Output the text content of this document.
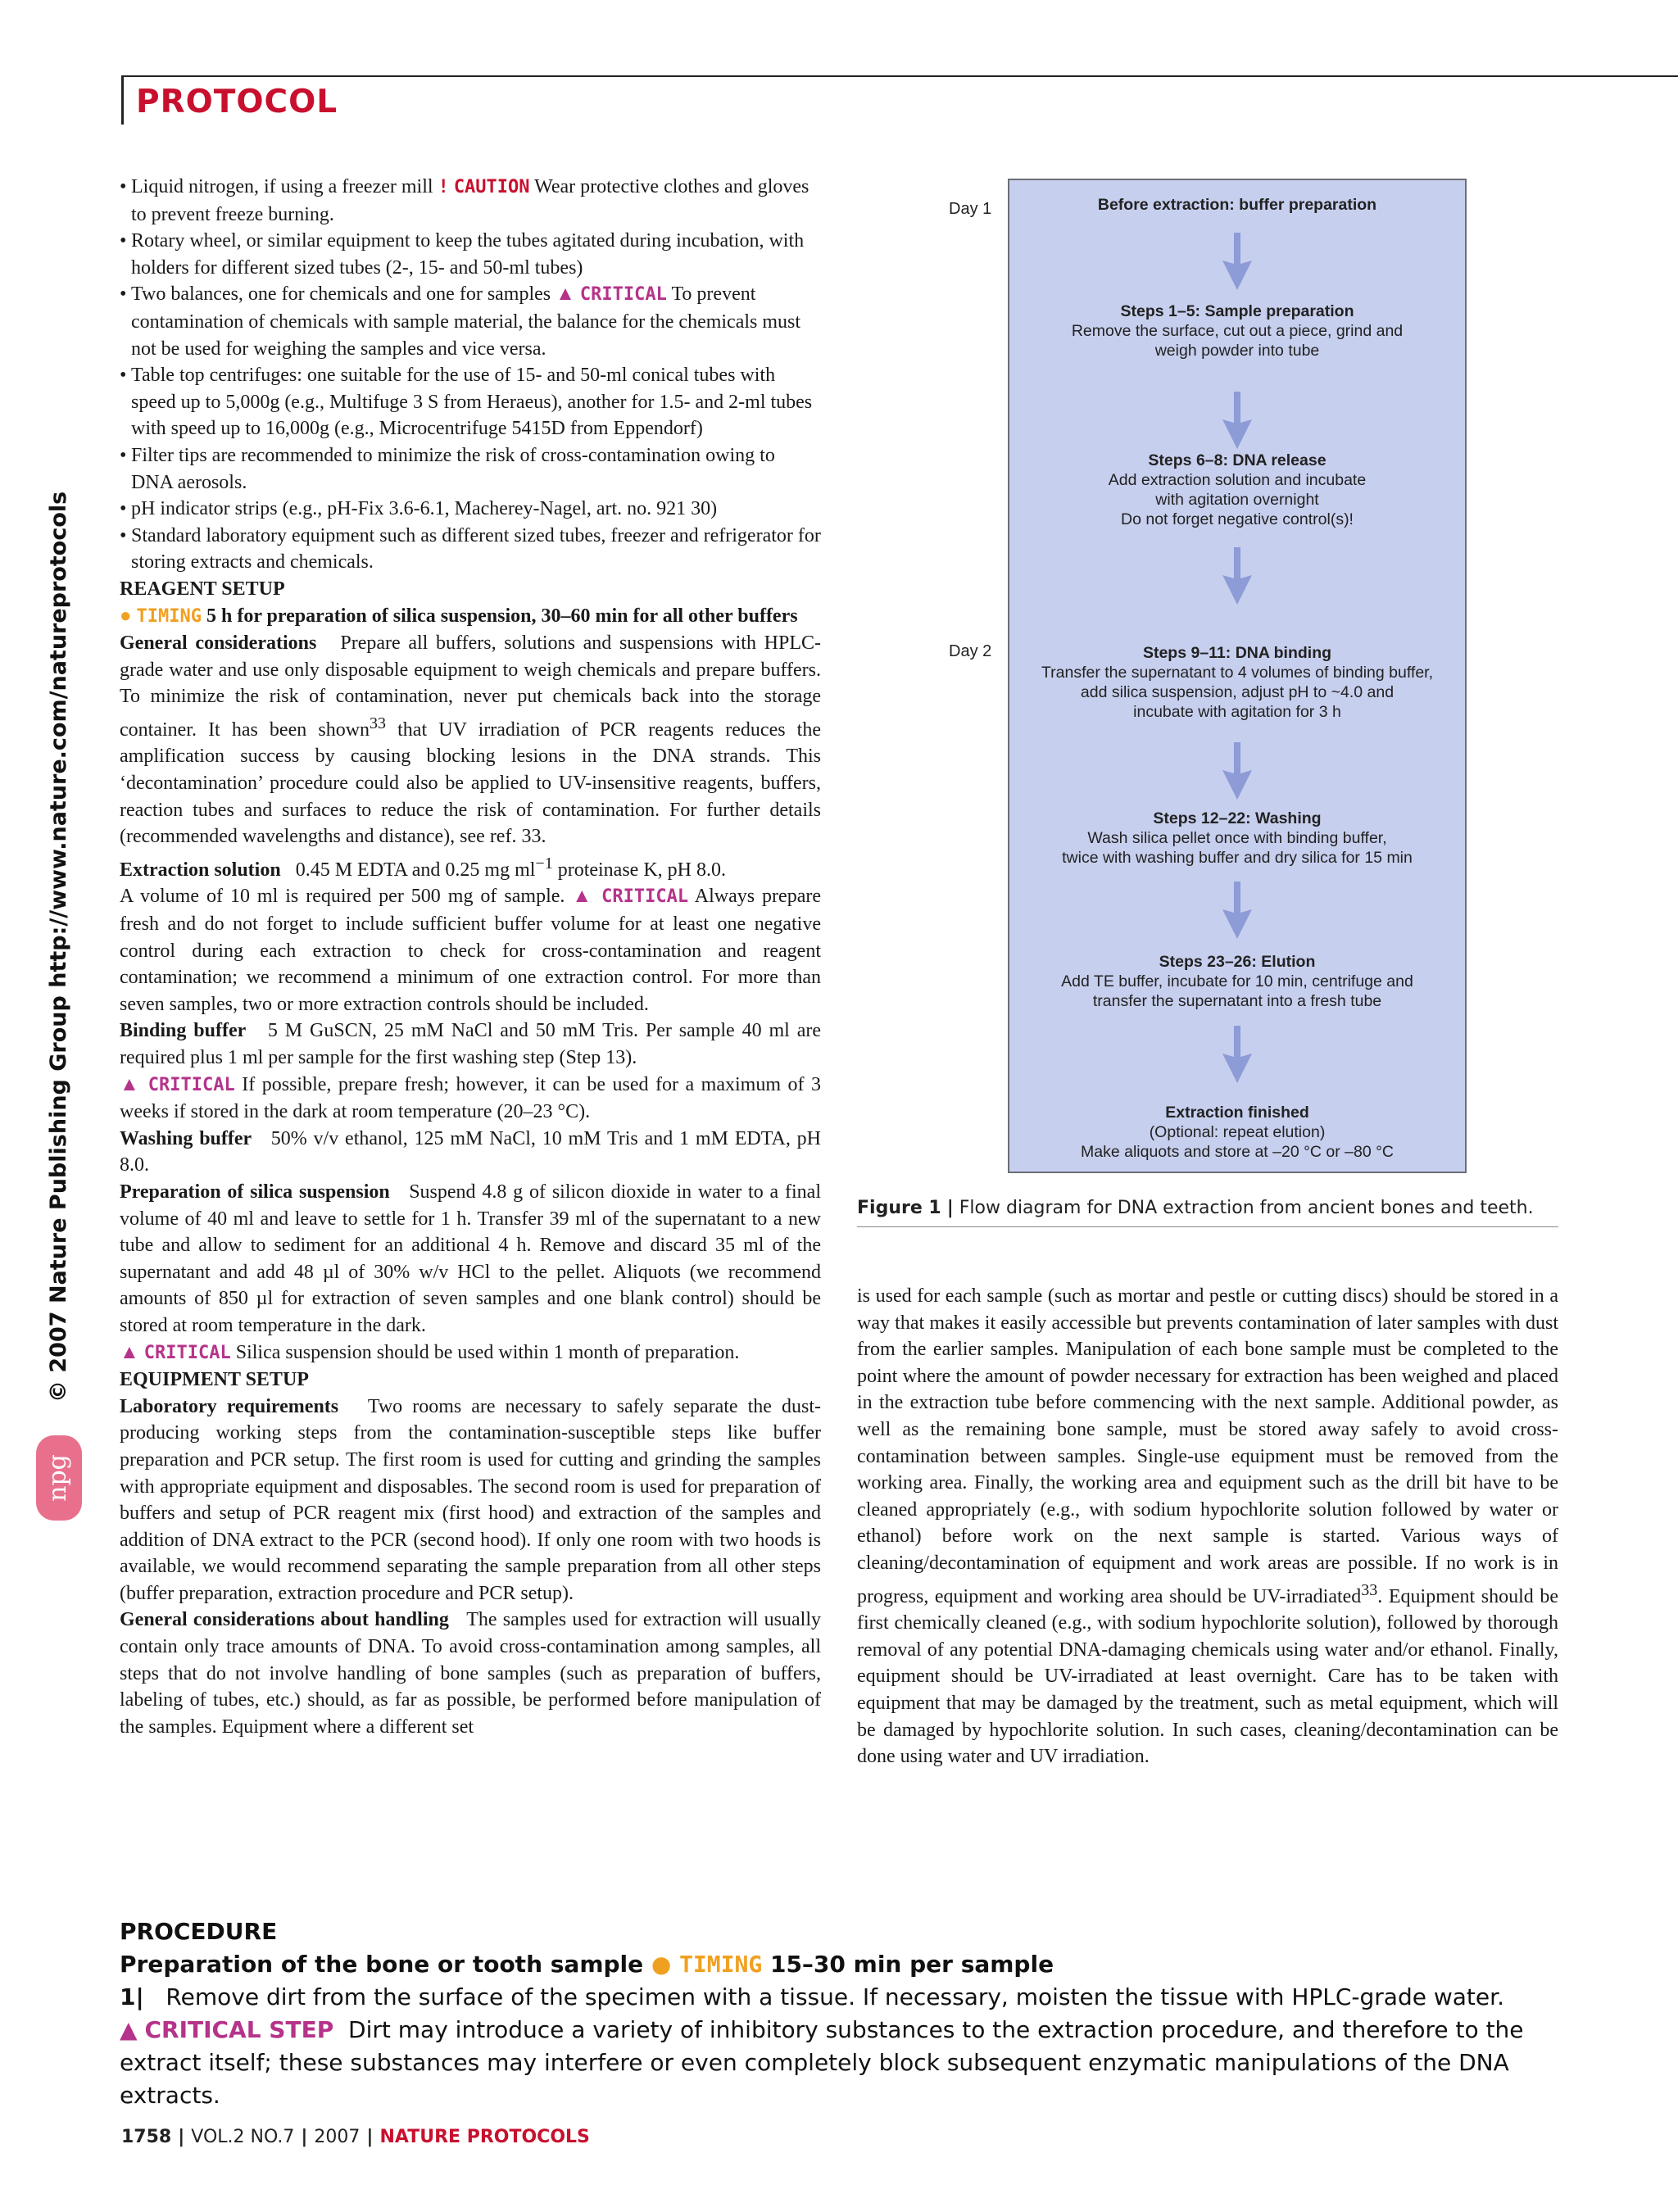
PROTOCOL
© 2007 Nature Publishing Group http://www.nature.com/natureprotocols
npg

• Liquid nitrogen, if using a freezer mill ! CAUTION Wear protective clothes and gloves to prevent freeze burning.

• Rotary wheel, or similar equipment to keep the tubes agitated during incubation, with holders for different sized tubes (2-, 15- and 50-ml tubes)

• Two balances, one for chemicals and one for samples ▲ CRITICAL To prevent contamination of chemicals with sample material, the balance for the chemicals must not be used for weighing the samples and vice versa.

• Table top centrifuges: one suitable for the use of 15- and 50-ml conical tubes with speed up to 5,000g (e.g., Multifuge 3 S from Heraeus), another for 1.5- and 2-ml tubes with speed up to 16,000g (e.g., Microcentrifuge 5415D from Eppendorf)

• Filter tips are recommended to minimize the risk of cross-contamination owing to DNA aerosols.

• pH indicator strips (e.g., pH-Fix 3.6-6.1, Macherey-Nagel, art. no. 921 30)

• Standard laboratory equipment such as different sized tubes, freezer and refrigerator for storing extracts and chemicals.

REAGENT SETUP

● TIMING 5 h for preparation of silica suspension, 30–60 min for all other buffers

General considerations Prepare all buffers, solutions and suspensions with HPLC-grade water and use only disposable equipment to weigh chemicals and prepare buffers. To minimize the risk of contamination, never put chemicals back into the storage container. It has been shown$^{33}$ that UV irradiation of PCR reagents reduces the amplification success by causing blocking lesions in the DNA strands. This ‘decontamination’ procedure could also be applied to UV-insensitive reagents, buffers, reaction tubes and surfaces to reduce the risk of contamination. For further details (recommended wavelengths and distance), see ref. 33.

Extraction solution 0.45 M EDTA and 0.25 mg $ml^{-1}$ proteinase K, pH 8.0.
A volume of 10 ml is required per 500 mg of sample. ▲ CRITICAL Always prepare fresh and do not forget to include sufficient buffer volume for at least one negative control during each extraction to check for cross-contamination and reagent contamination; we recommend a minimum of one extraction control. For more than seven samples, two or more extraction controls should be included.

Binding buffer 5 M GuSCN, 25 mM NaCl and 50 mM Tris. Per sample 40 ml are required plus 1 ml per sample for the first washing step (Step 13).
▲ CRITICAL If possible, prepare fresh; however, it can be used for a maximum of 3 weeks if stored in the dark at room temperature (20–23 °C).

Washing buffer 50% v/v ethanol, 125 mM NaCl, 10 mM Tris and 1 mM EDTA, pH 8.0.

Preparation of silica suspension Suspend 4.8 g of silicon dioxide in water to a final volume of 40 ml and leave to settle for 1 h. Transfer 39 ml of the supernatant to a new tube and allow to sediment for an additional 4 h. Remove and discard 35 ml of the supernatant and add 48 µl of 30% w/v HCl to the pellet. Aliquots (we recommend amounts of 850 µl for extraction of seven samples and one blank control) should be stored at room temperature in the dark.
▲ CRITICAL Silica suspension should be used within 1 month of preparation.

EQUIPMENT SETUP

Laboratory requirements Two rooms are necessary to safely separate the dust-producing working steps from the contamination-susceptible steps like buffer preparation and PCR setup. The first room is used for cutting and grinding the samples with appropriate equipment and disposables. The second room is used for preparation of buffers and setup of PCR reagent mix (first hood) and extraction of the samples and addition of DNA extract to the PCR (second hood). If only one room with two hoods is available, we would recommend separating the sample preparation from all other steps (buffer preparation, extraction procedure and PCR setup).

General considerations about handling The samples used for extraction will usually contain only trace amounts of DNA. To avoid cross-contamination among samples, all steps that do not involve handling of bone samples (such as preparation of buffers, labeling of tubes, etc.) should, as far as possible, be performed before manipulation of the samples. Equipment where a different set

Day 1
Day 2
Before extraction: buffer preparation
Steps 1–5: Sample preparation
Remove the surface, cut out a piece, grind and
weigh powder into tube
Steps 6–8: DNA release
Add extraction solution and incubate
with agitation overnight
Do not forget negative control(s)!
Steps 9–11: DNA binding
Transfer the supernatant to 4 volumes of binding buffer,
add silica suspension, adjust pH to ~4.0 and
incubate with agitation for 3 h
Steps 12–22: Washing
Wash silica pellet once with binding buffer,
twice with washing buffer and dry silica for 15 min
Steps 23–26: Elution
Add TE buffer, incubate for 10 min, centrifuge and
transfer the supernatant into a fresh tube
Extraction finished
(Optional: repeat elution)
Make aliquots and store at –20 °C or –80 °C
Figure 1 | Flow diagram for DNA extraction from ancient bones and teeth.

is used for each sample (such as mortar and pestle or cutting discs) should be stored in a way that makes it easily accessible but prevents contamination of later samples with dust from the earlier samples. Manipulation of each bone sample must be completed to the point where the amount of powder necessary for extraction has been weighed and placed in the extraction tube before commencing with the next sample. Additional powder, as well as the remaining bone sample, must be stored away safely to avoid cross-contamination between samples. Single-use equipment must be removed from the working area. Finally, the working area and equipment such as the drill bit have to be cleaned appropriately (e.g., with sodium hypochlorite solution followed by water or ethanol) before work on the next sample is started. Various ways of cleaning/decontamination of equipment and work areas are possible. If no work is in progress, equipment and working area should be UV-irradiated$^{33}$. Equipment should be first chemically cleaned (e.g., with sodium hypochlorite solution), followed by thorough removal of any potential DNA-damaging chemicals using water and/or ethanol. Finally, equipment should be UV-irradiated at least overnight. Care has to be taken with equipment that may be damaged by the treatment, such as metal equipment, which will be damaged by hypochlorite solution. In such cases, cleaning/decontamination can be done using water and UV irradiation.

PROCEDURE

Preparation of the bone or tooth sample ● TIMING 15–30 min per sample

1| Remove dirt from the surface of the specimen with a tissue. If necessary, moisten the tissue with HPLC-grade water.
▲ CRITICAL STEP Dirt may introduce a variety of inhibitory substances to the extraction procedure, and therefore to the extract itself; these substances may interfere or even completely block subsequent enzymatic manipulations of the DNA extracts.

1758 | VOL.2 NO.7 | 2007 | NATURE PROTOCOLS
